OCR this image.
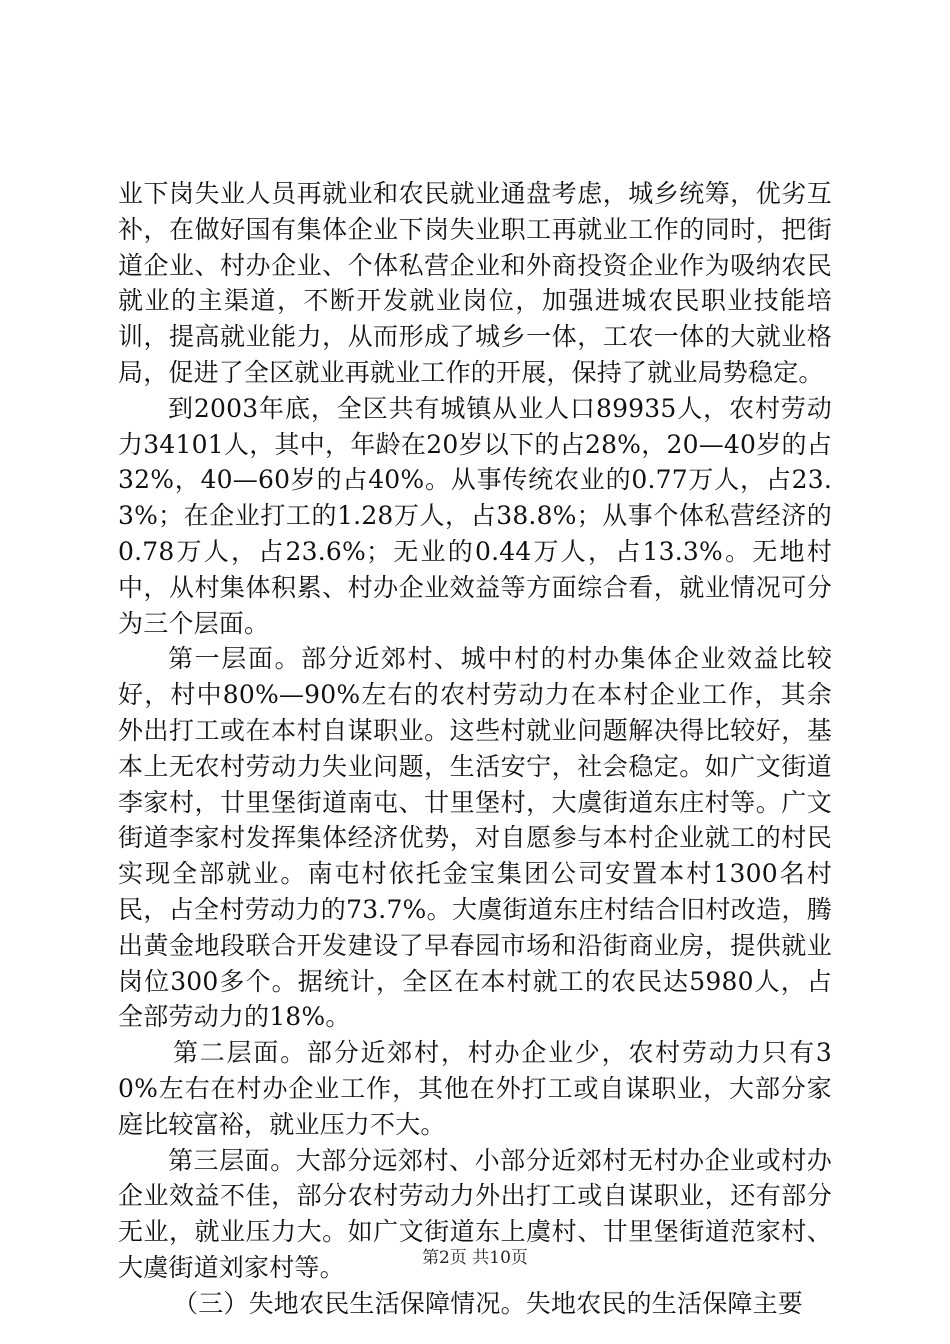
业下岗失业人员再就业和农民就业通盘考虑，城乡统筹，优劣互补，在做好国有集体企业下岗失业职工再就业工作的同时，把街道企业、村办企业、个体私营企业和外商投资企业作为吸纳农民就业的主渠道，不断开发就业岗位，加强进城农民职业技能培训，提高就业能力，从而形成了城乡一体，工农一体的大就业格局，促进了全区就业再就业工作的开展，保持了就业局势稳定。

到2003年底，全区共有城镇从业人口89935人，农村劳动力34101人，其中，年龄在20岁以下的占28%，20—40岁的占32%，40—60岁的占40%。从事传统农业的0.77万人，占23.3%；在企业打工的1.28万人，占38.8%；从事个体私营经济的0.78万人，占23.6%；无业的0.44万人，占13.3%。无地村中，从村集体积累、村办企业效益等方面综合看，就业情况可分为三个层面。

第一层面。部分近郊村、城中村的村办集体企业效益比较好，村中80%—90%左右的农村劳动力在本村企业工作，其余外出打工或在本村自谋职业。这些村就业问题解决得比较好，基本上无农村劳动力失业问题，生活安宁，社会稳定。如广文街道李家村，廿里堡街道南屯、廿里堡村，大虞街道东庄村等。广文街道李家村发挥集体经济优势，对自愿参与本村企业就工的村民实现全部就业。南屯村依托金宝集团公司安置本村1300名村民，占全村劳动力的73.7%。大虞街道东庄村结合旧村改造，腾出黄金地段联合开发建设了早春园市场和沿街商业房，提供就业岗位300多个。据统计，全区在本村就工的农民达5980人，占全部劳动力的18%。

第二层面。部分近郊村，村办企业少，农村劳动力只有30%左右在村办企业工作，其他在外打工或自谋职业，大部分家庭比较富裕，就业压力不大。

第三层面。大部分远郊村、小部分近郊村无村办企业或村办企业效益不佳，部分农村劳动力外出打工或自谋职业，还有部分无业，就业压力大。如广文街道东上虞村、廿里堡街道范家村、大虞街道刘家村等。

（三）失地农民生活保障情况。失地农民的生活保障主要

第2页 共10页
